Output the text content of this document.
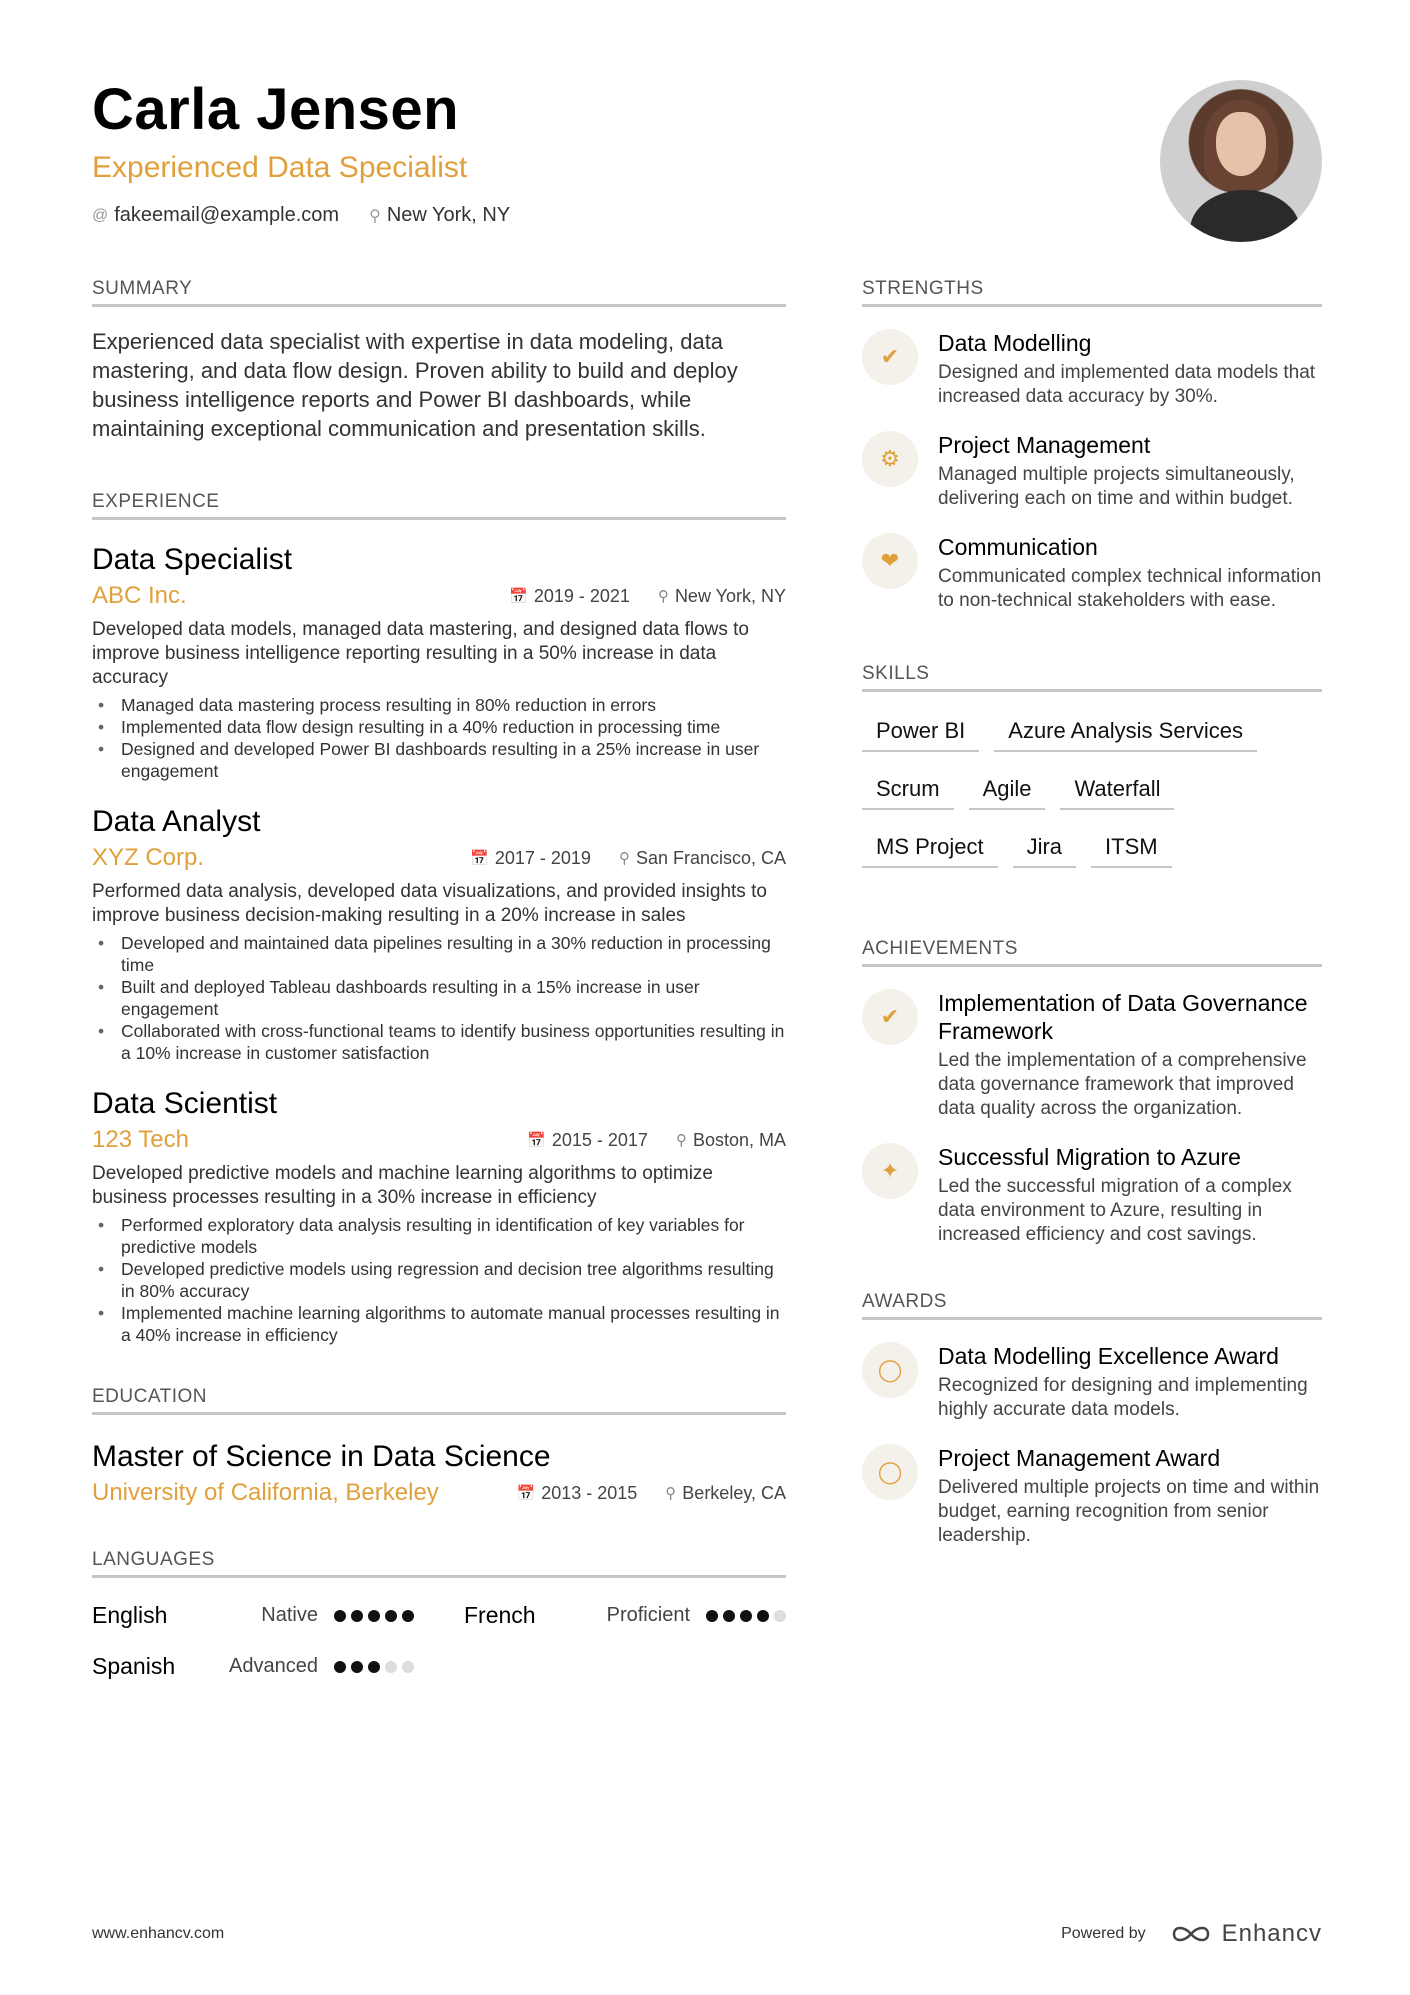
Carla Jensen
Experienced Data Specialist
@ fakeemail@example.com ⚲ New York, NY
SUMMARY
Experienced data specialist with expertise in data modeling, data mastering, and data flow design. Proven ability to build and deploy business intelligence reports and Power BI dashboards, while maintaining exceptional communication and presentation skills.
EXPERIENCE
Data Specialist
ABC Inc.	📅 2019 - 2021 ⚲ New York, NY
Developed data models, managed data mastering, and designed data flows to improve business intelligence reporting resulting in a 50% increase in data accuracy
• Managed data mastering process resulting in 80% reduction in errors
• Implemented data flow design resulting in a 40% reduction in processing time
• Designed and developed Power BI dashboards resulting in a 25% increase in user engagement
Data Analyst
XYZ Corp.	📅 2017 - 2019 ⚲ San Francisco, CA
Performed data analysis, developed data visualizations, and provided insights to improve business decision-making resulting in a 20% increase in sales
• Developed and maintained data pipelines resulting in a 30% reduction in processing time
• Built and deployed Tableau dashboards resulting in a 15% increase in user engagement
• Collaborated with cross-functional teams to identify business opportunities resulting in a 10% increase in customer satisfaction
Data Scientist
123 Tech	📅 2015 - 2017 ⚲ Boston, MA
Developed predictive models and machine learning algorithms to optimize business processes resulting in a 30% increase in efficiency
• Performed exploratory data analysis resulting in identification of key variables for predictive models
• Developed predictive models using regression and decision tree algorithms resulting in 80% accuracy
• Implemented machine learning algorithms to automate manual processes resulting in a 40% increase in efficiency
EDUCATION
Master of Science in Data Science
University of California, Berkeley	📅 2013 - 2015 ⚲ Berkeley, CA
LANGUAGES
English	Native	French	Proficient
Spanish	Advanced
STRENGTHS
✔
Data Modelling
Designed and implemented data models that increased data accuracy by 30%.
⚙
Project Management
Managed multiple projects simultaneously, delivering each on time and within budget.
❤
Communication
Communicated complex technical information to non-technical stakeholders with ease.
SKILLS
Power BI	Azure Analysis Services
Scrum	Agile	Waterfall
MS Project	Jira	ITSM
ACHIEVEMENTS
✔
Implementation of Data Governance Framework
Led the implementation of a comprehensive data governance framework that improved data quality across the organization.
✦
Successful Migration to Azure
Led the successful migration of a complex data environment to Azure, resulting in increased efficiency and cost savings.
AWARDS
◯
Data Modelling Excellence Award
Recognized for designing and implementing highly accurate data models.
◯
Project Management Award
Delivered multiple projects on time and within budget, earning recognition from senior leadership.
www.enhancv.com	Powered by	Enhancv
